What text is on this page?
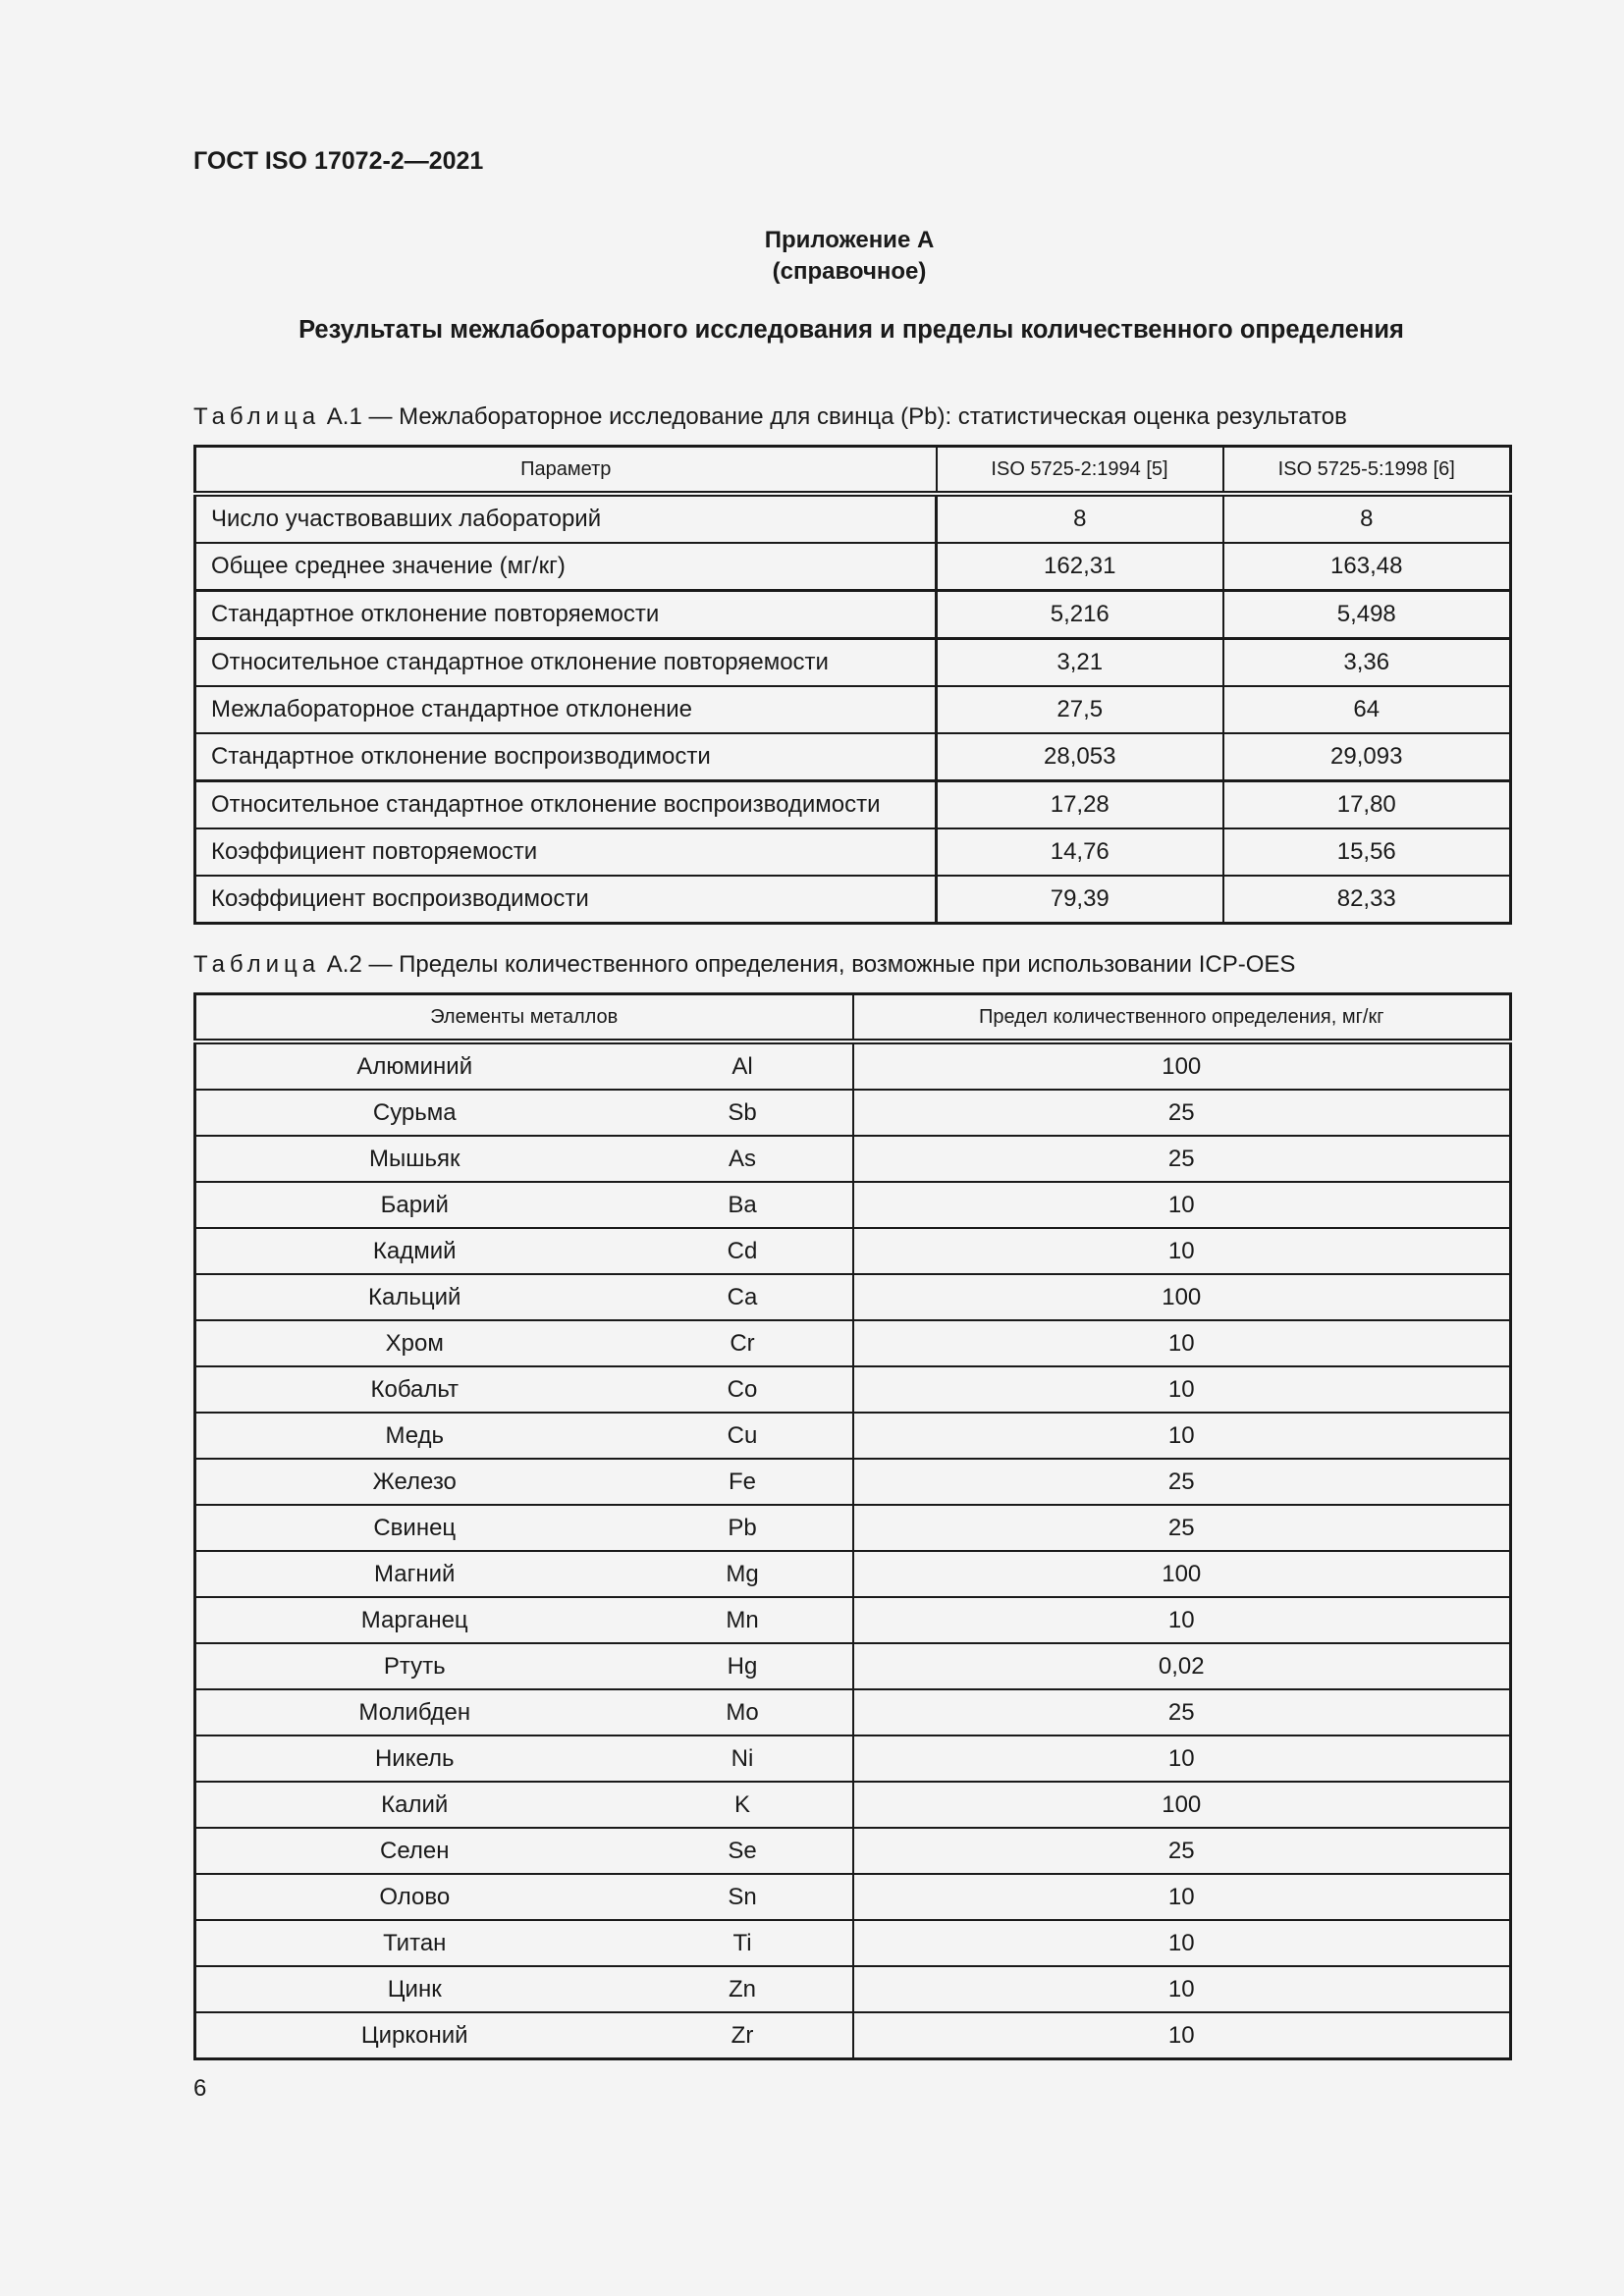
ГОСТ ISO 17072-2—2021
Приложение А
(справочное)
Результаты межлабораторного исследования и пределы количественного определения
Таблица А.1 — Межлабораторное исследование для свинца (Pb): статистическая оценка результатов
Параметр	ISO 5725-2:1994 [5]	ISO 5725-5:1998 [6]
Число участвовавших лабораторий	8	8
Общее среднее значение (мг/кг)	162,31	163,48
Стандартное отклонение повторяемости	5,216	5,498
Относительное стандартное отклонение повторяемости	3,21	3,36
Межлабораторное стандартное отклонение	27,5	64
Стандартное отклонение воспроизводимости	28,053	29,093
Относительное стандартное отклонение воспроизводимости	17,28	17,80
Коэффициент повторяемости	14,76	15,56
Коэффициент воспроизводимости	79,39	82,33
Таблица А.2 — Пределы количественного определения, возможные при использовании ICP-OES
Элементы металлов		Предел количественного определения, мг/кг
Алюминий	Al	100
Сурьма	Sb	25
Мышьяк	As	25
Барий	Ba	10
Кадмий	Cd	10
Кальций	Ca	100
Хром	Cr	10
Кобальт	Co	10
Медь	Cu	10
Железо	Fe	25
Свинец	Pb	25
Магний	Mg	100
Марганец	Mn	10
Ртуть	Hg	0,02
Молибден	Mo	25
Никель	Ni	10
Калий	K	100
Селен	Se	25
Олово	Sn	10
Титан	Ti	10
Цинк	Zn	10
Цирконий	Zr	10
6
